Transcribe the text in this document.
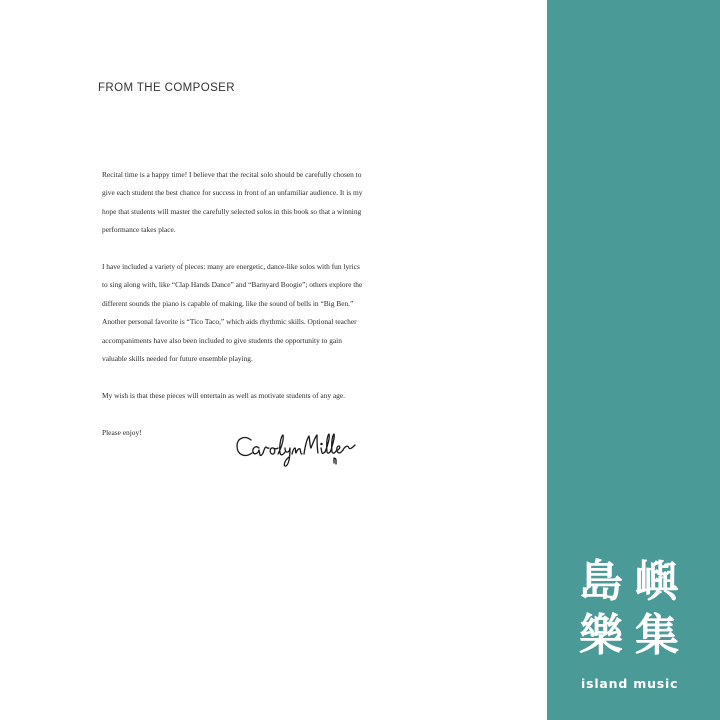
FROM THE COMPOSER

Recital time is a happy time! I believe that the recital solo should be carefully chosen to
give each student the best chance for success in front of an unfamiliar audience. It is my
hope that students will master the carefully selected solos in this book so that a winning
performance takes place.

I have included a variety of pieces: many are energetic, dance-like solos with fun lyrics
to sing along with, like “Clap Hands Dance” and “Barnyard Boogie”; others explore the
different sounds the piano is capable of making, like the sound of bells in “Big Ben.”
Another personal favorite is “Tico Taco,” which aids rhythmic skills. Optional teacher
accompaniments have also been included to give students the opportunity to gain
valuable skills needed for future ensemble playing.

My wish is that these pieces will entertain as well as motivate students of any age.

Please enjoy!

島 嶼
樂 集
island music
